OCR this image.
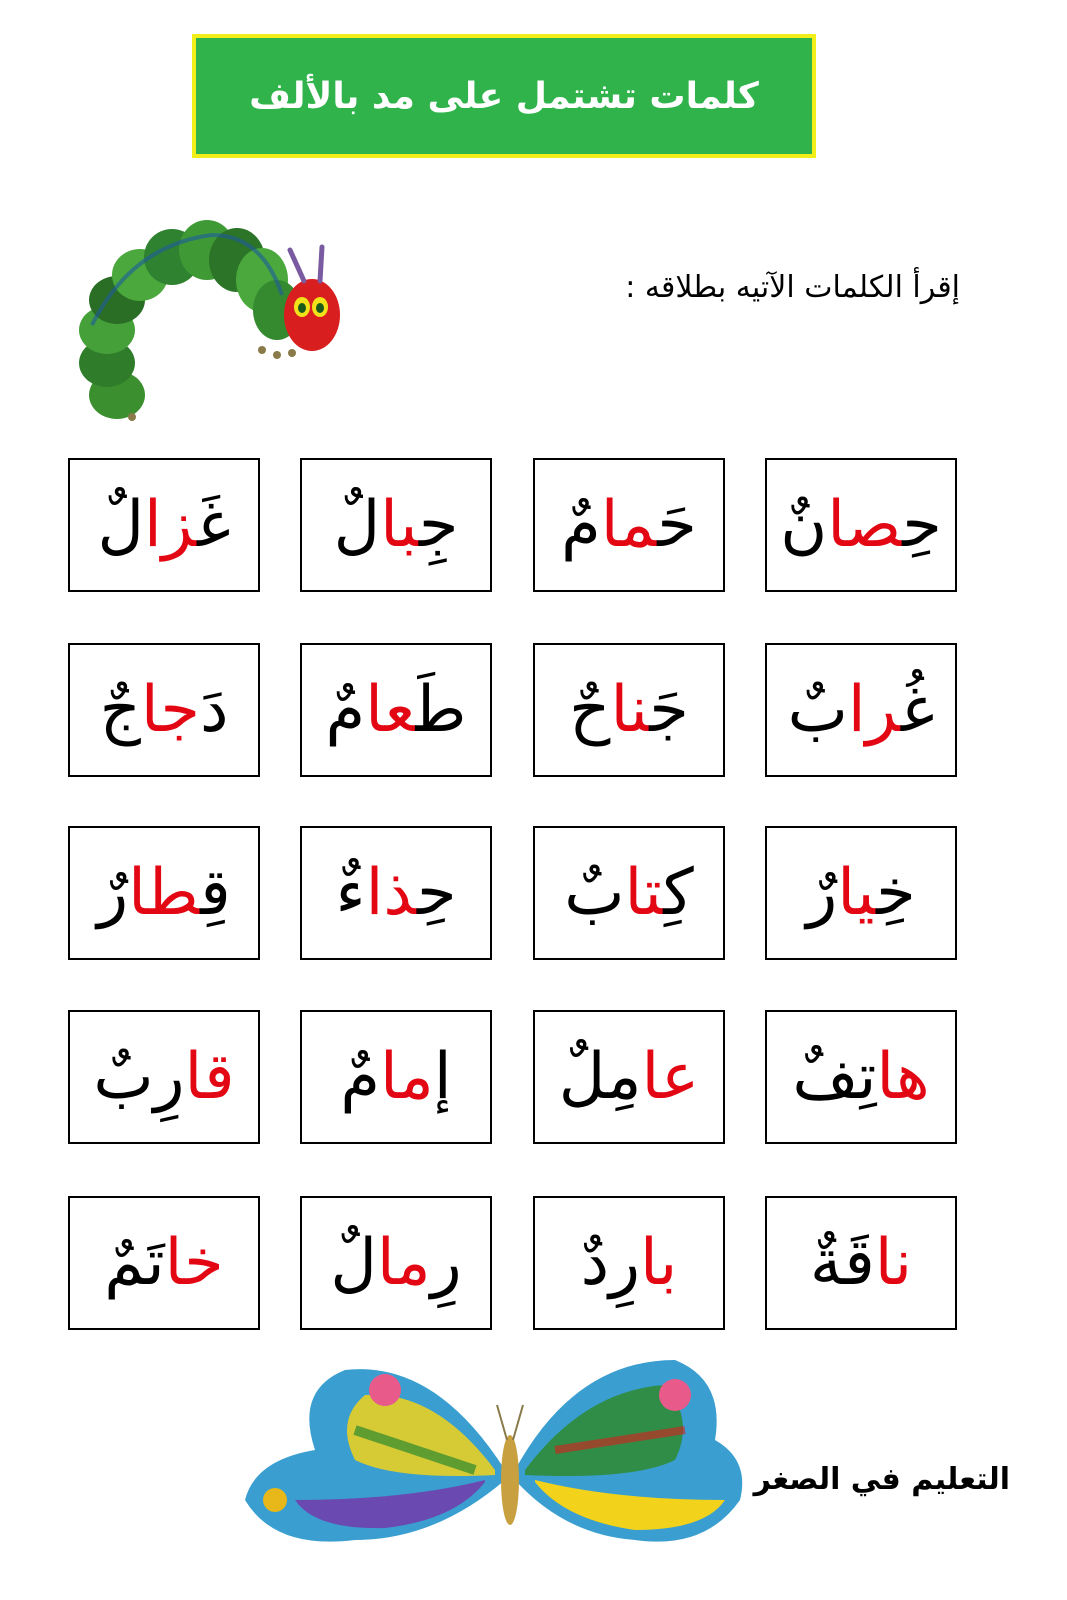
كلمات تشتمل على مد بالألف
إقرأ الكلمات الآتيه بطلاقه :
حِصانٌ
حَمامٌ
جِبالٌ
غَزالٌ
غُرابٌ
جَناحٌ
طَعامٌ
دَجاجٌ
خِيارٌ
كِتابٌ
حِذاءٌ
قِطارٌ
هاتِفٌ
عامِلٌ
إمامٌ
قارِبٌ
ناقَةٌ
بارِدٌ
رِمالٌ
خاتَمٌ
التعليم في الصغر
